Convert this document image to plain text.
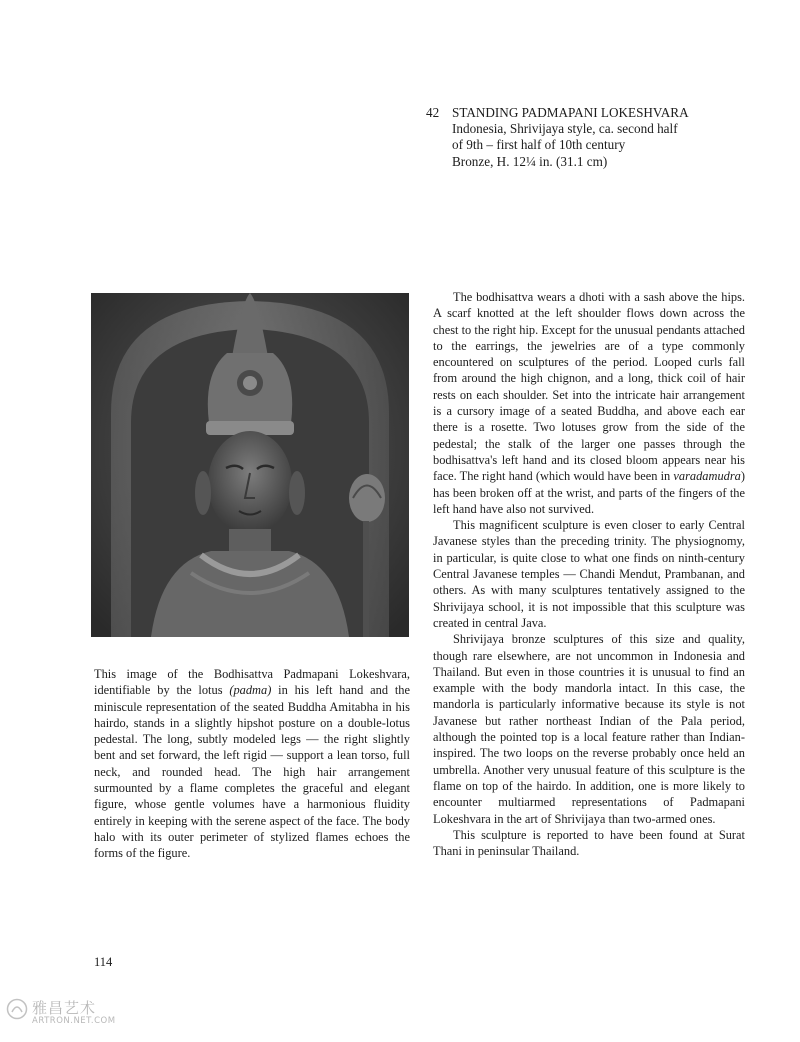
42 STANDING PADMAPANI LOKESHVARA
Indonesia, Shrivijaya style, ca. second half
of 9th – first half of 10th century
Bronze, H. 12¼ in. (31.1 cm)

This image of the Bodhisattva Padmapani Lokeshvara, identifiable by the lotus (padma) in his left hand and the miniscule representation of the seated Buddha Amitabha in his hairdo, stands in a slightly hipshot posture on a double-lotus pedestal. The long, subtly modeled legs — the right slightly bent and set forward, the left rigid — support a lean torso, full neck, and rounded head. The high hair arrangement surmounted by a flame completes the graceful and elegant figure, whose gentle volumes have a harmonious fluidity entirely in keeping with the serene aspect of the face. The body halo with its outer perimeter of stylized flames echoes the forms of the figure.

The bodhisattva wears a dhoti with a sash above the hips. A scarf knotted at the left shoulder flows down across the chest to the right hip. Except for the unusual pendants attached to the earrings, the jewelries are of a type commonly encountered on sculptures of the period. Looped curls fall from around the high chignon, and a long, thick coil of hair rests on each shoulder. Set into the intricate hair arrangement is a cursory image of a seated Buddha, and above each ear there is a rosette. Two lotuses grow from the side of the pedestal; the stalk of the larger one passes through the bodhisattva's left hand and its closed bloom appears near his face. The right hand (which would have been in varadamudra) has been broken off at the wrist, and parts of the fingers of the left hand have also not survived.

This magnificent sculpture is even closer to early Central Javanese styles than the preceding trinity. The physiognomy, in particular, is quite close to what one finds on ninth-century Central Javanese temples — Chandi Mendut, Prambanan, and others. As with many sculptures tentatively assigned to the Shrivijaya school, it is not impossible that this sculpture was created in central Java.

Shrivijaya bronze sculptures of this size and quality, though rare elsewhere, are not uncommon in Indonesia and Thailand. But even in those countries it is unusual to find an example with the body mandorla intact. In this case, the mandorla is particularly informative because its style is not Javanese but rather northeast Indian of the Pala period, although the pointed top is a local feature rather than Indian-inspired. The two loops on the reverse probably once held an umbrella. Another very unusual feature of this sculpture is the flame on top of the hairdo. In addition, one is more likely to encounter multiarmed representations of Padmapani Lokeshvara in the art of Shrivijaya than two-armed ones.

This sculpture is reported to have been found at Surat Thani in peninsular Thailand.

114
雅昌艺术
ARTRON.NET.COM
